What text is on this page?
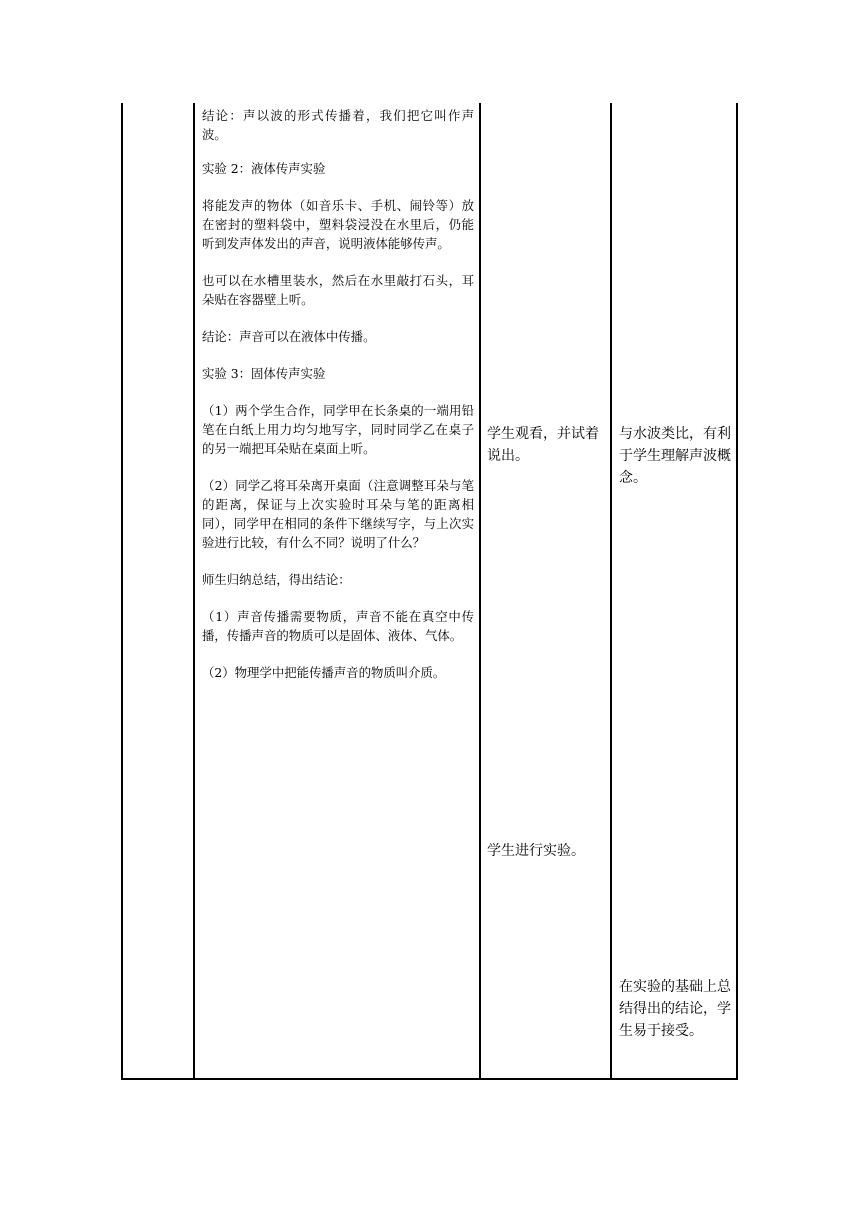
结论：声以波的形式传播着，我们把它叫作声波。

实验 2：液体传声实验

将能发声的物体（如音乐卡、手机、闹铃等）放在密封的塑料袋中，塑料袋浸没在水里后，仍能听到发声体发出的声音，说明液体能够传声。

也可以在水槽里装水，然后在水里敲打石头，耳朵贴在容器壁上听。

结论：声音可以在液体中传播。

实验 3：固体传声实验

（1）两个学生合作，同学甲在长条桌的一端用铅笔在白纸上用力均匀地写字，同时同学乙在桌子的另一端把耳朵贴在桌面上听。

（2）同学乙将耳朵离开桌面（注意调整耳朵与笔的距离，保证与上次实验时耳朵与笔的距离相同），同学甲在相同的条件下继续写字，与上次实验进行比较，有什么不同？说明了什么？

师生归纳总结，得出结论：

（1）声音传播需要物质，声音不能在真空中传播，传播声音的物质可以是固体、液体、气体。

（2）物理学中把能传播声音的物质叫介质。

学生观看，并试着说出。
学生进行实验。
与水波类比，有利于学生理解声波概念。
在实验的基础上总结得出的结论，学生易于接受。
